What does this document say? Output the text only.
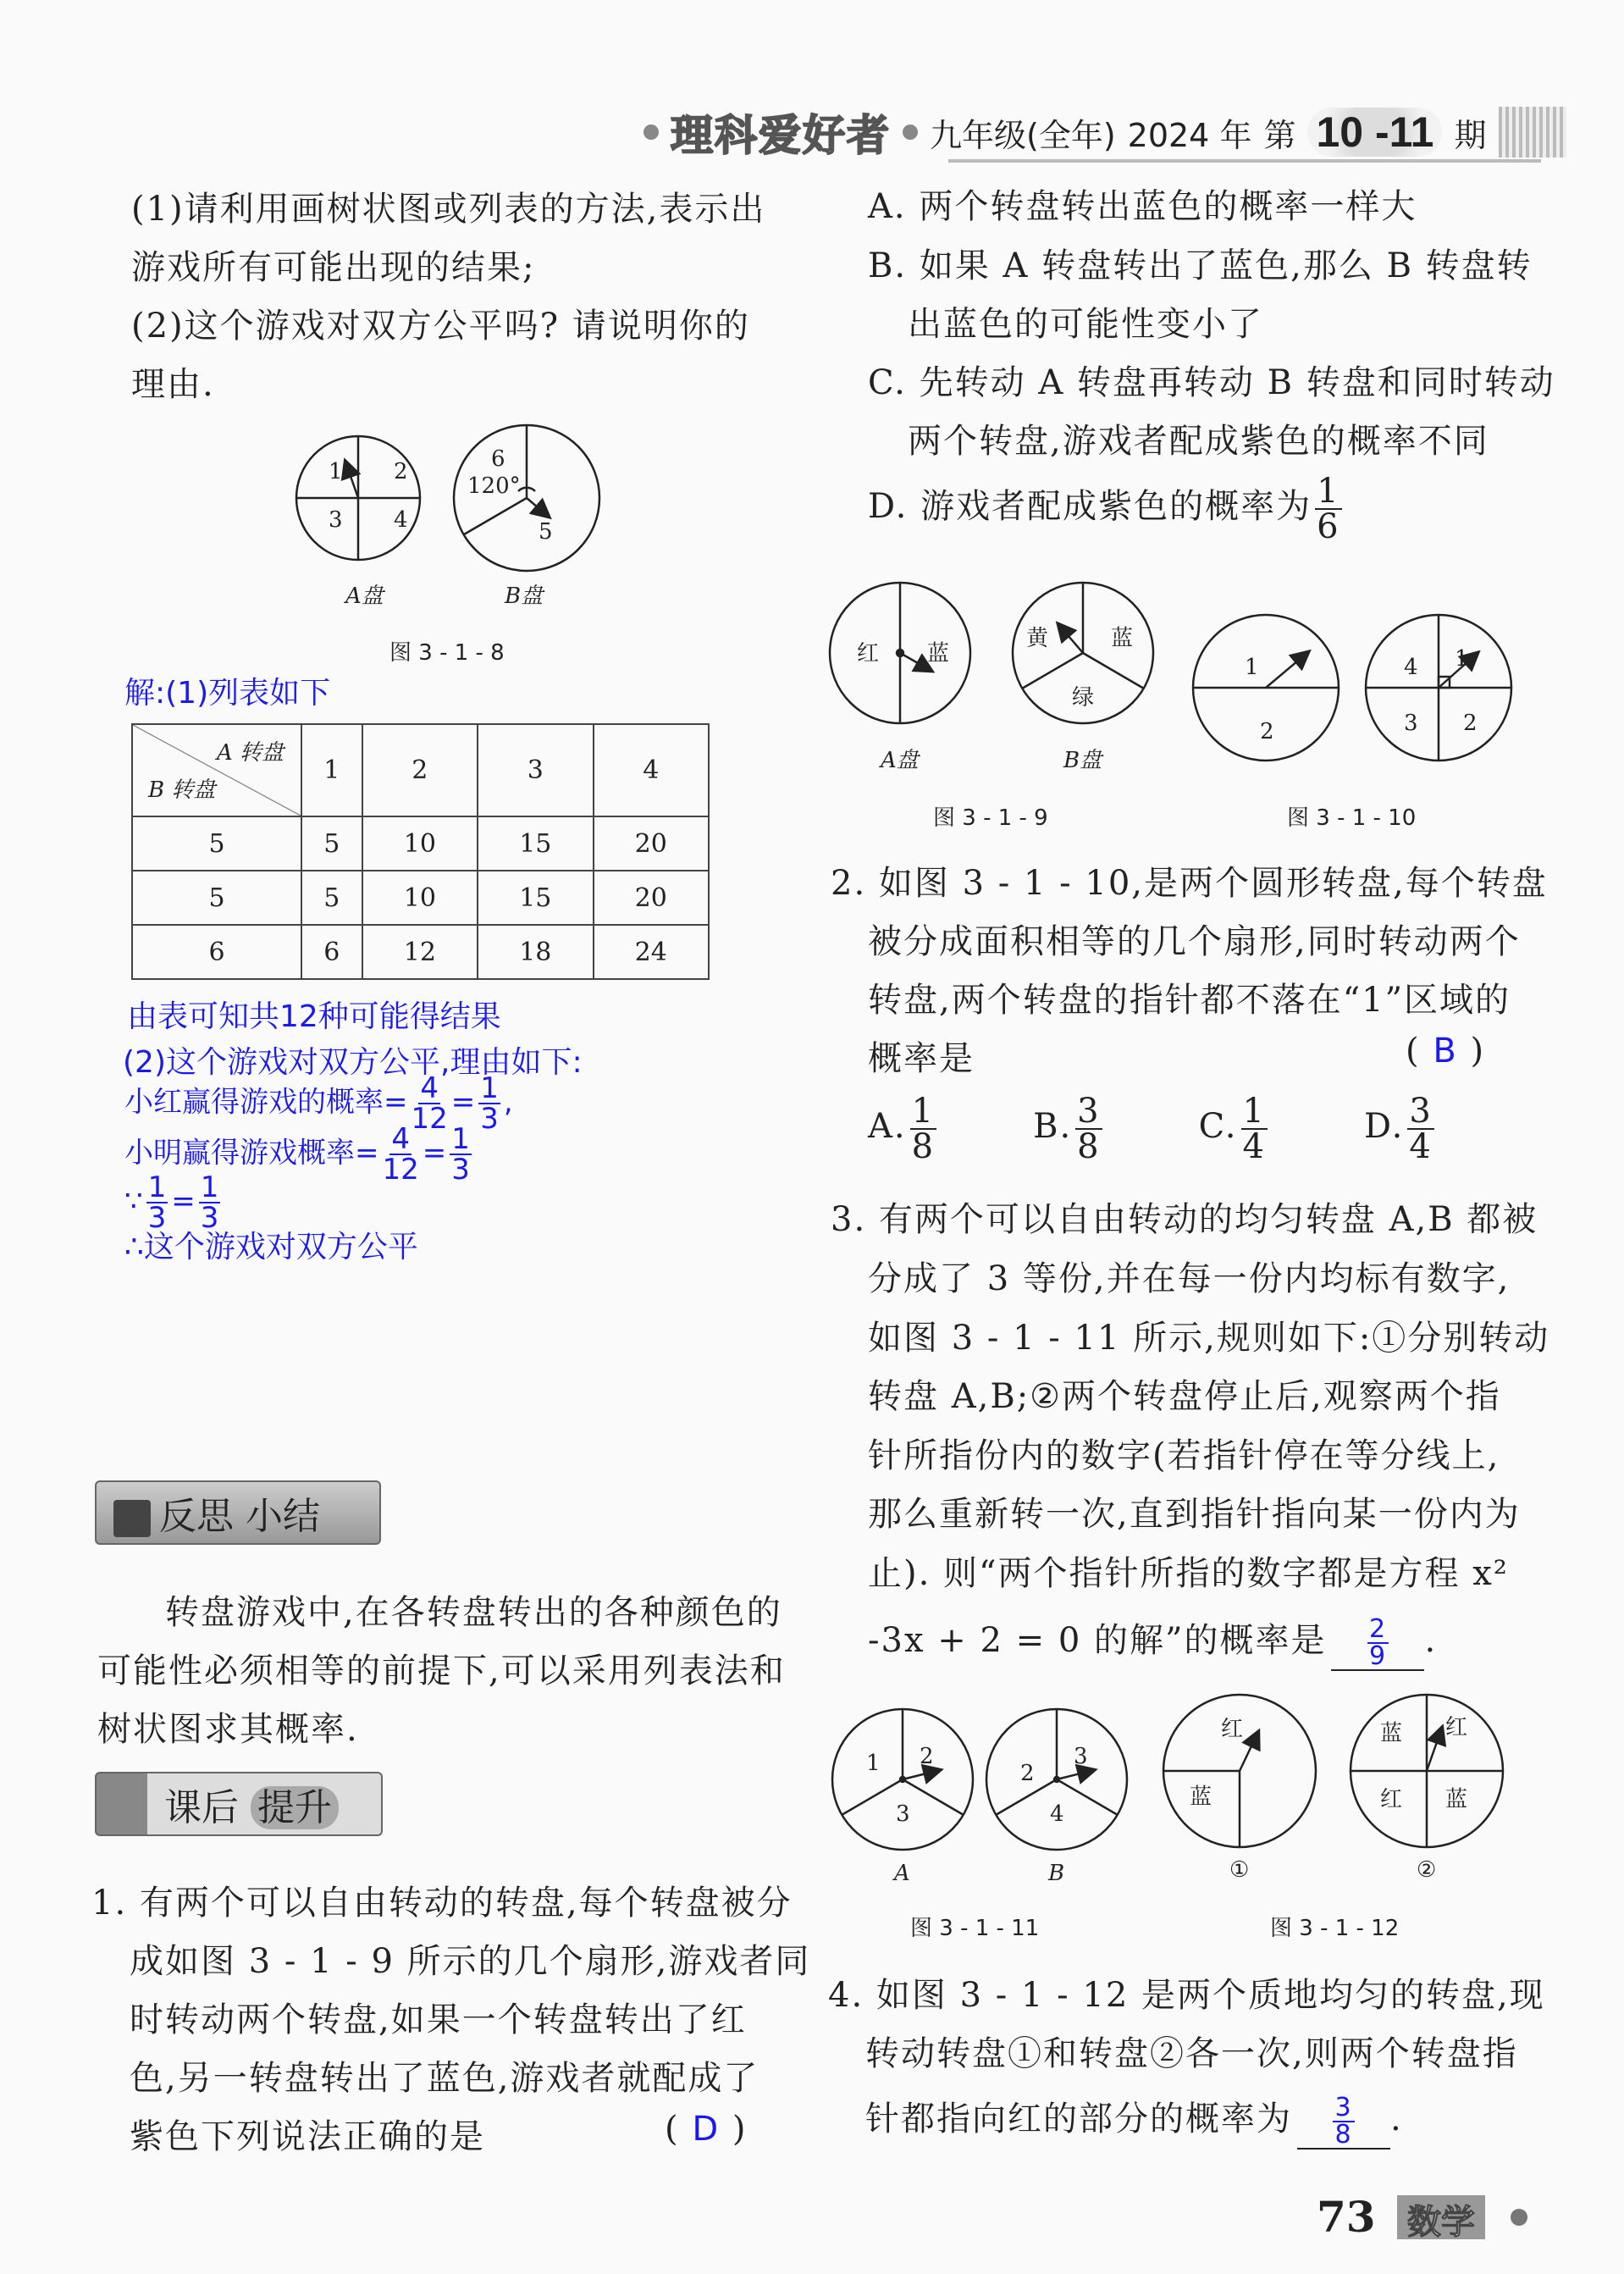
理科爱好者 九年级(全年) 2024 年 第 10 -11 期
(1)请利用画树状图或列表的方法,表示出
游戏所有可能出现的结果;
(2)这个游戏对双方公平吗? 请说明你的
理由.
1 2
3 4
6
120°
5
A盘	B盘
红 蓝
黄	蓝
绿
A盘	B盘
1
2
4 1
3 2
1 2
3
2
3
4
A	B
红
蓝
蓝 红
红 蓝
①	②
图 3 - 1 - 8
图 3 - 1 - 9	图 3 - 1 - 10
图 3 - 1 - 11	图 3 - 1 - 12
解:(1)列表如下
A 转盘
B 转盘	1	2	3	4
5	5	10	15	20
5	5	10	15	20
6	6	12	18	24
由表可知共12种可能得结果
(2)这个游戏对双方公平,理由如下:
小红赢得游戏的概率= $\frac{4}{12} = \frac{1}{3}$ ,
小明赢得游戏概率= $\frac{4}{12} = \frac{1}{3}$
∵ $\frac{1}{3} = \frac{1}{3}$
∴这个游戏对双方公平
反思 小结
转盘游戏中,在各转盘转出的各种颜色的
可能性必须相等的前提下,可以采用列表法和
树状图求其概率.
课后 提升
1. 有两个可以自由转动的转盘,每个转盘被分
成如图 3 - 1 - 9 所示的几个扇形,游戏者同
时转动两个转盘,如果一个转盘转出了红
色,另一转盘转出了蓝色,游戏者就配成了
紫色下列说法正确的是	( D )
A. 两个转盘转出蓝色的概率一样大
B. 如果 A 转盘转出了蓝色,那么 B 转盘转
出蓝色的可能性变小了
C. 先转动 A 转盘再转动 B 转盘和同时转动
两个转盘,游戏者配成紫色的概率不同
D. 游戏者配成紫色的概率为 $\frac{1}{6}$
2. 如图 3 - 1 - 10,是两个圆形转盘,每个转盘
被分成面积相等的几个扇形,同时转动两个
转盘,两个转盘的指针都不落在“1”区域的
概率是	( B )
A. $\frac{1}{8}$	B. $\frac{3}{8}$	C. $\frac{1}{4}$	D. $\frac{3}{4}$
3. 有两个可以自由转动的均匀转盘 A,B 都被
分成了 3 等份,并在每一份内均标有数字,
如图 3 - 1 - 11 所示,规则如下:①分别转动
转盘 A,B;②两个转盘停止后,观察两个指
针所指份内的数字(若指针停在等分线上,
那么重新转一次,直到指针指向某一份内为
止). 则“两个指针所指的数字都是方程 x²
-3x + 2 = 0 的解”的概率是 $\frac{2}{9}$ .
4. 如图 3 - 1 - 12 是两个质地均匀的转盘,现
转动转盘①和转盘②各一次,则两个转盘指
针都指向红的部分的概率为 $\frac{3}{8}$ .
73 数学
